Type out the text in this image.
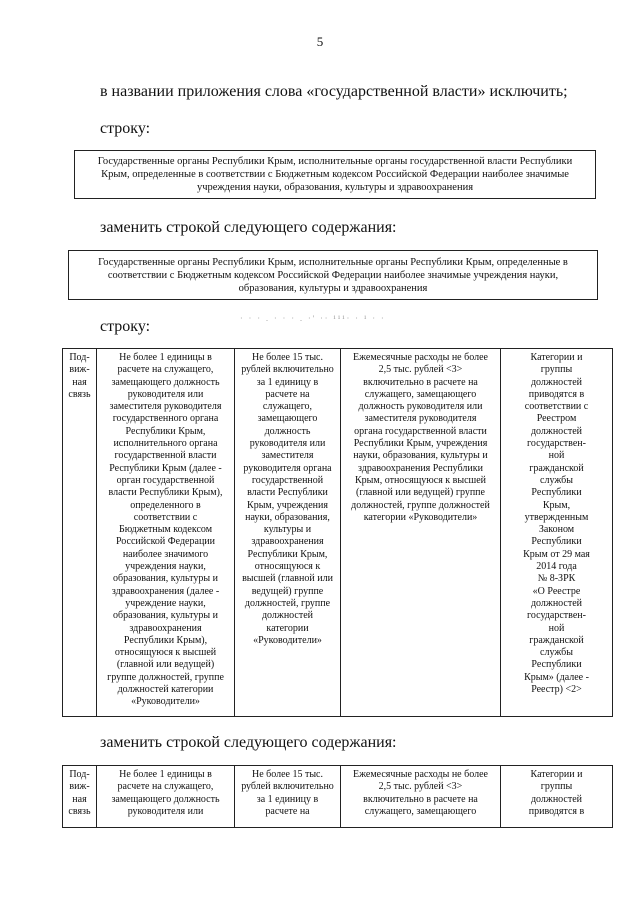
5
в названии приложения слова «государственной власти» исключить;
строку:
Государственные органы Республики Крым, исполнительные органы государственной власти Республики Крым, определенные в соответствии с Бюджетным кодексом Российской Федерации наиболее значимые учреждения науки, образования, культуры и здравоохранения
заменить строкой следующего содержания:
Государственные органы Республики Крым, исполнительные органы Республики Крым, определенные в соответствии с Бюджетным кодексом Российской Федерации наиболее значимые учреждения науки, образования, культуры и здравоохранения
строку:	· · · . · · · . ·' ·· ¹¹¹· · ¹ · ·
Под-
виж-
ная
связь	Не более 1 единицы в
расчете на служащего,
замещающего должность
руководителя или
заместителя руководителя
государственного органа
Республики Крым,
исполнительного органа
государственной власти
Республики Крым (далее -
орган государственной
власти Республики Крым),
определенного в
соответствии с
Бюджетным кодексом
Российской Федерации
наиболее значимого
учреждения науки,
образования, культуры и
здравоохранения (далее -
учреждение науки,
образования, культуры и
здравоохранения
Республики Крым),
относящуюся к высшей
(главной или ведущей)
группе должностей, группе
должностей категории
«Руководители»	Не более 15 тыс.
рублей включительно
за 1 единицу в
расчете на
служащего,
замещающего
должность
руководителя или
заместителя
руководителя органа
государственной
власти Республики
Крым, учреждения
науки, образования,
культуры и
здравоохранения
Республики Крым,
относящуюся к
высшей (главной или
ведущей) группе
должностей, группе
должностей
категории
«Руководители»	Ежемесячные расходы не более
2,5 тыс. рублей <3>
включительно в расчете на
служащего, замещающего
должность руководителя или
заместителя руководителя
органа государственной власти
Республики Крым, учреждения
науки, образования, культуры и
здравоохранения Республики
Крым, относящуюся к высшей
(главной или ведущей) группе
должностей, группе должностей
категории «Руководители»	Категории и
группы
должностей
приводятся в
соответствии с
Реестром
должностей
государствен-
ной
гражданской
службы
Республики
Крым,
утвержденным
Законом
Республики
Крым от 29 мая
2014 года
№ 8-ЗРК
«О Реестре
должностей
государствен-
ной
гражданской
службы
Республики
Крым» (далее -
Реестр) <2>
заменить строкой следующего содержания:
Под-
виж-
ная
связь	Не более 1 единицы в
расчете на служащего,
замещающего должность
руководителя или	Не более 15 тыс.
рублей включительно
за 1 единицу в
расчете на	Ежемесячные расходы не более
2,5 тыс. рублей <3>
включительно в расчете на
служащего, замещающего	Категории и
группы
должностей
приводятся в
